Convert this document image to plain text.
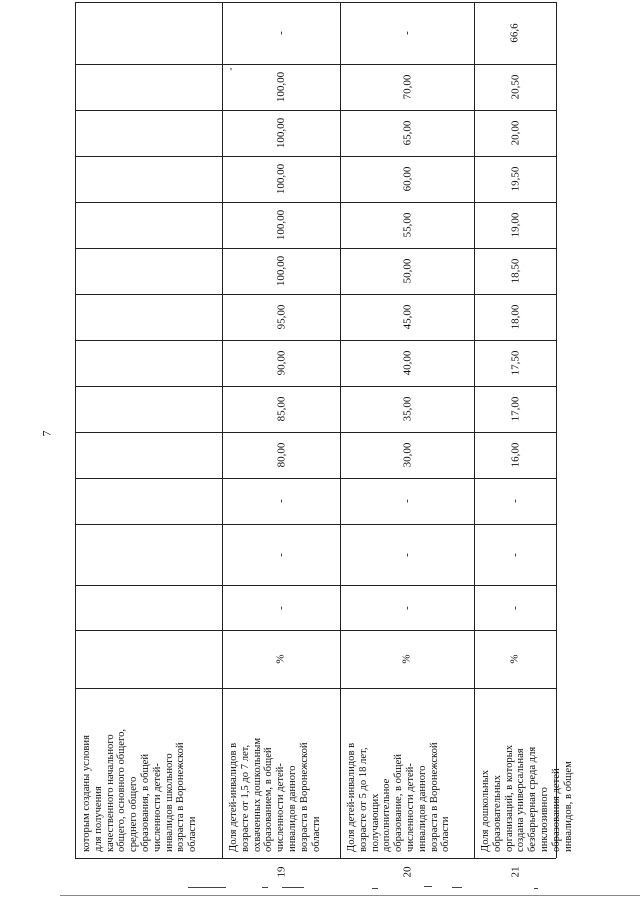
7
которым созданы условия для получения качественного начального общего, основного общего, среднего общего образования, в общей численности детей- инвалидов школьного возраста в Воронежской области
'
19
Доля детей-инвалидов в возрасте от 1,5 до 7 лет, охваченных дошкольным образованием, в общей численности детей- инвалидов данного возраста в Воронежской области
%
-
-
-
80,00
85,00
90,00
95,00
100,00
100,00
100,00
100,00
100,00
-
20
Доля детей-инвалидов в возрасте от 5 до 18 лет, получающих дополнительное образование, в общей численности детей- инвалидов данного возраста в Воронежской области
%
-
-
-
30,00
35,00
40,00
45,00
50,00
55,00
60,00
65,00
70,00
-
21
Доля дошкольных образовательных организаций, в которых создана универсальная безбарьерная среда для инклюзивного образования детей- инвалидов, в общем
%
-
-
-
16,00
17,00
17,50
18,00
18,50
19,00
19,50
20,00
20,50
66,6
